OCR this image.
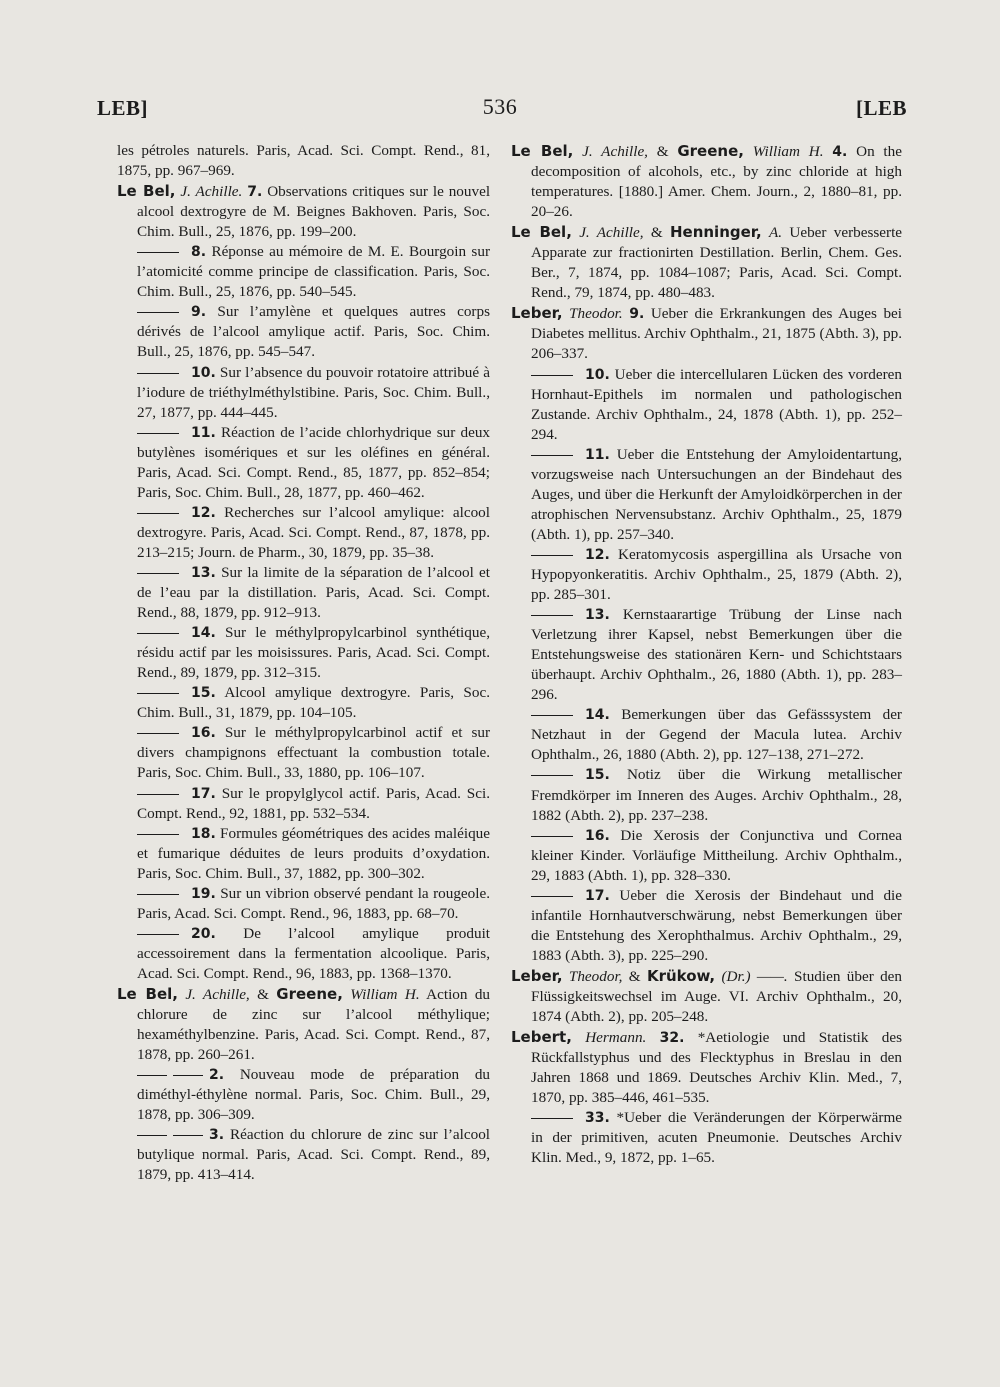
LEB]	536	[LEB
les pétroles naturels. Paris, Acad. Sci. Compt. Rend., 81, 1875, pp. 967–969.
Le Bel, J. Achille. 7. Observations critiques sur le nouvel alcool dextrogyre de M. Beignes Bakhoven. Paris, Soc. Chim. Bull., 25, 1876, pp. 199–200.
8. Réponse au mémoire de M. E. Bourgoin sur l’atomicité comme principe de classification. Paris, Soc. Chim. Bull., 25, 1876, pp. 540–545.
9. Sur l’amylène et quelques autres corps dérivés de l’alcool amylique actif. Paris, Soc. Chim. Bull., 25, 1876, pp. 545–547.
10. Sur l’absence du pouvoir rotatoire attribué à l’iodure de triéthylméthylstibine. Paris, Soc. Chim. Bull., 27, 1877, pp. 444–445.
11. Réaction de l’acide chlorhydrique sur deux butylènes isomériques et sur les oléfines en général. Paris, Acad. Sci. Compt. Rend., 85, 1877, pp. 852–854; Paris, Soc. Chim. Bull., 28, 1877, pp. 460–462.
12. Recherches sur l’alcool amylique: alcool dextrogyre. Paris, Acad. Sci. Compt. Rend., 87, 1878, pp. 213–215; Journ. de Pharm., 30, 1879, pp. 35–38.
13. Sur la limite de la séparation de l’alcool et de l’eau par la distillation. Paris, Acad. Sci. Compt. Rend., 88, 1879, pp. 912–913.
14. Sur le méthylpropylcarbinol synthétique, résidu actif par les moisissures. Paris, Acad. Sci. Compt. Rend., 89, 1879, pp. 312–315.
15. Alcool amylique dextrogyre. Paris, Soc. Chim. Bull., 31, 1879, pp. 104–105.
16. Sur le méthylpropylcarbinol actif et sur divers champignons effectuant la combustion totale. Paris, Soc. Chim. Bull., 33, 1880, pp. 106–107.
17. Sur le propylglycol actif. Paris, Acad. Sci. Compt. Rend., 92, 1881, pp. 532–534.
18. Formules géométriques des acides maléique et fumarique déduites de leurs produits d’oxydation. Paris, Soc. Chim. Bull., 37, 1882, pp. 300–302.
19. Sur un vibrion observé pendant la rougeole. Paris, Acad. Sci. Compt. Rend., 96, 1883, pp. 68–70.
20. De l’alcool amylique produit accessoirement dans la fermentation alcoolique. Paris, Acad. Sci. Compt. Rend., 96, 1883, pp. 1368–1370.
Le Bel, J. Achille, & Greene, William H. Action du chlorure de zinc sur l’alcool méthylique; hexaméthylbenzine. Paris, Acad. Sci. Compt. Rend., 87, 1878, pp. 260–261.
2. Nouveau mode de préparation du diméthyl-éthylène normal. Paris, Soc. Chim. Bull., 29, 1878, pp. 306–309.
3. Réaction du chlorure de zinc sur l’alcool butylique normal. Paris, Acad. Sci. Compt. Rend., 89, 1879, pp. 413–414.
Le Bel, J. Achille, & Greene, William H. 4. On the decomposition of alcohols, etc., by zinc chloride at high temperatures. [1880.] Amer. Chem. Journ., 2, 1880–81, pp. 20–26.
Le Bel, J. Achille, & Henninger, A. Ueber verbesserte Apparate zur fractionirten Destillation. Berlin, Chem. Ges. Ber., 7, 1874, pp. 1084–1087; Paris, Acad. Sci. Compt. Rend., 79, 1874, pp. 480–483.
Leber, Theodor. 9. Ueber die Erkrankungen des Auges bei Diabetes mellitus. Archiv Ophthalm., 21, 1875 (Abth. 3), pp. 206–337.
10. Ueber die intercellularen Lücken des vorderen Hornhaut-Epithels im normalen und pathologischen Zustande. Archiv Ophthalm., 24, 1878 (Abth. 1), pp. 252–294.
11. Ueber die Entstehung der Amyloidentartung, vorzugsweise nach Untersuchungen an der Bindehaut des Auges, und über die Herkunft der Amyloidkörperchen in der atrophischen Nervensubstanz. Archiv Ophthalm., 25, 1879 (Abth. 1), pp. 257–340.
12. Keratomycosis aspergillina als Ursache von Hypopyonkeratitis. Archiv Ophthalm., 25, 1879 (Abth. 2), pp. 285–301.
13. Kernstaarartige Trübung der Linse nach Verletzung ihrer Kapsel, nebst Bemerkungen über die Entstehungsweise des stationären Kern- und Schichtstaars überhaupt. Archiv Ophthalm., 26, 1880 (Abth. 1), pp. 283–296.
14. Bemerkungen über das Gefässsystem der Netzhaut in der Gegend der Macula lutea. Archiv Ophthalm., 26, 1880 (Abth. 2), pp. 127–138, 271–272.
15. Notiz über die Wirkung metallischer Fremdkörper im Inneren des Auges. Archiv Ophthalm., 28, 1882 (Abth. 2), pp. 237–238.
16. Die Xerosis der Conjunctiva und Cornea kleiner Kinder. Vorläufige Mittheilung. Archiv Ophthalm., 29, 1883 (Abth. 1), pp. 328–330.
17. Ueber die Xerosis der Bindehaut und die infantile Hornhautverschwärung, nebst Bemerkungen über die Entstehung des Xerophthalmus. Archiv Ophthalm., 29, 1883 (Abth. 3), pp. 225–290.
Leber, Theodor, & Krükow, (Dr.) ——. Studien über den Flüssigkeitswechsel im Auge. VI. Archiv Ophthalm., 20, 1874 (Abth. 2), pp. 205–248.
Lebert, Hermann. 32. *Aetiologie und Statistik des Rückfallstyphus und des Flecktyphus in Breslau in den Jahren 1868 und 1869. Deutsches Archiv Klin. Med., 7, 1870, pp. 385–446, 461–535.
33. *Ueber die Veränderungen der Körperwärme in der primitiven, acuten Pneumonie. Deutsches Archiv Klin. Med., 9, 1872, pp. 1–65.
